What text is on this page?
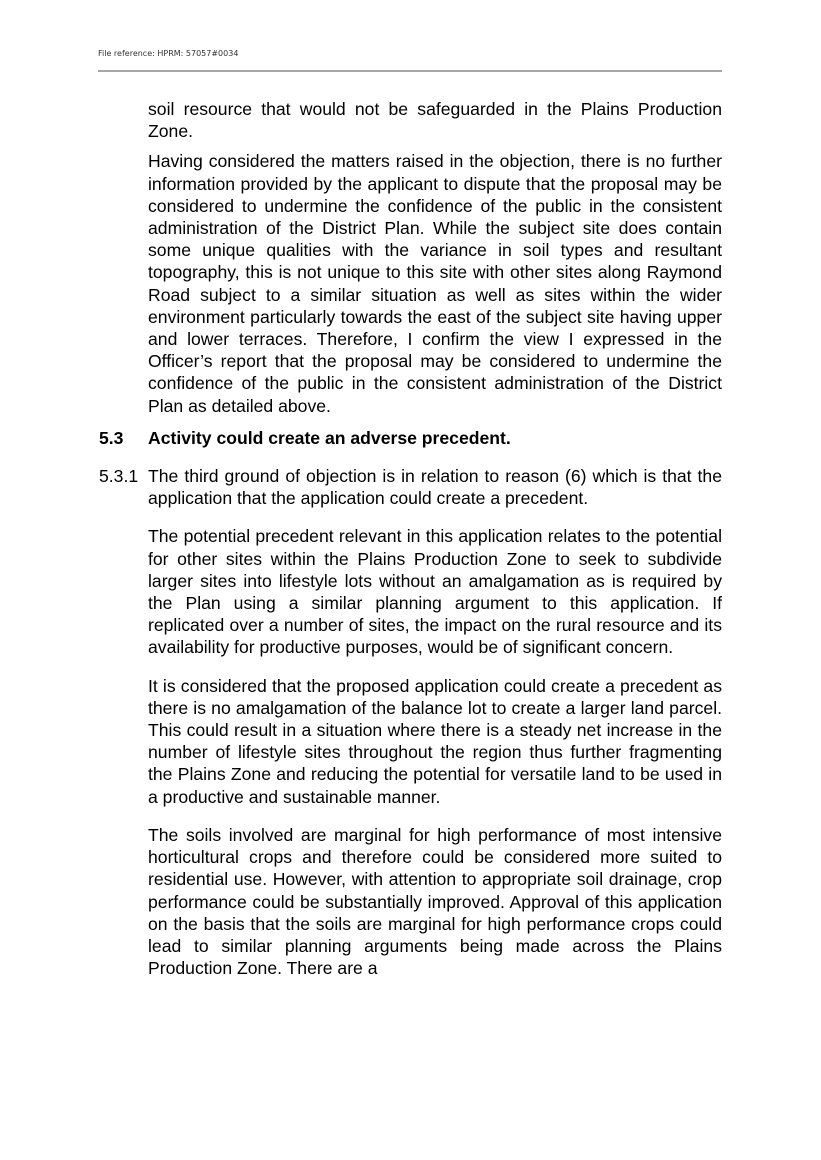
File reference: HPRM: 57057#0034

soil resource that would not be safeguarded in the Plains Production Zone.

Having considered the matters raised in the objection, there is no further information provided by the applicant to dispute that the proposal may be considered to undermine the confidence of the public in the consistent administration of the District Plan. While the subject site does contain some unique qualities with the variance in soil types and resultant topography, this is not unique to this site with other sites along Raymond Road subject to a similar situation as well as sites within the wider environment particularly towards the east of the subject site having upper and lower terraces. Therefore, I confirm the view I expressed in the Officer’s report that the proposal may be considered to undermine the confidence of the public in the consistent administration of the District Plan as detailed above.

5.3 Activity could create an adverse precedent.
5.3.1 The third ground of objection is in relation to reason (6) which is that the application that the application could create a precedent.

The potential precedent relevant in this application relates to the potential for other sites within the Plains Production Zone to seek to subdivide larger sites into lifestyle lots without an amalgamation as is required by the Plan using a similar planning argument to this application. If replicated over a number of sites, the impact on the rural resource and its availability for productive purposes, would be of significant concern.

It is considered that the proposed application could create a precedent as there is no amalgamation of the balance lot to create a larger land parcel. This could result in a situation where there is a steady net increase in the number of lifestyle sites throughout the region thus further fragmenting the Plains Zone and reducing the potential for versatile land to be used in a productive and sustainable manner.

The soils involved are marginal for high performance of most intensive horticultural crops and therefore could be considered more suited to residential use. However, with attention to appropriate soil drainage, crop performance could be substantially improved. Approval of this application on the basis that the soils are marginal for high performance crops could lead to similar planning arguments being made across the Plains Production Zone. There are a
